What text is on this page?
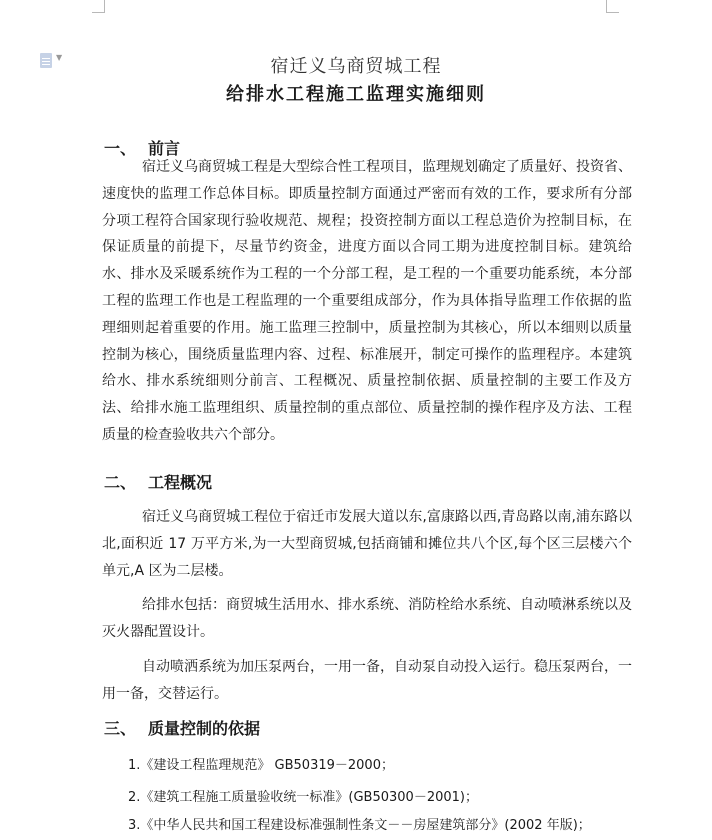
▼	宿迁义乌商贸城工程
给排水工程施工监理实施细则
一、 前言

宿迁义乌商贸城工程是大型综合性工程项目，监理规划确定了质量好、投资省、速度快的监理工作总体目标。即质量控制方面通过严密而有效的工作，要求所有分部分项工程符合国家现行验收规范、规程；投资控制方面以工程总造价为控制目标，在保证质量的前提下，尽量节约资金，进度方面以合同工期为进度控制目标。建筑给水、排水及采暖系统作为工程的一个分部工程，是工程的一个重要功能系统，本分部工程的监理工作也是工程监理的一个重要组成部分，作为具体指导监理工作依据的监理细则起着重要的作用。施工监理三控制中，质量控制为其核心，所以本细则以质量控制为核心，围绕质量监理内容、过程、标准展开，制定可操作的监理程序。本建筑给水、排水系统细则分前言、工程概况、质量控制依据、质量控制的主要工作及方法、给排水施工监理组织、质量控制的重点部位、质量控制的操作程序及方法、工程质量的检查验收共六个部分。

二、 工程概况

宿迁义乌商贸城工程位于宿迁市发展大道以东,富康路以西,青岛路以南,浦东路以北,面积近 17 万平方米,为一大型商贸城,包括商铺和摊位共八个区,每个区三层楼六个单元,A 区为二层楼。

给排水包括：商贸城生活用水、排水系统、消防栓给水系统、自动喷淋系统以及灭火器配置设计。

自动喷洒系统为加压泵两台，一用一备，自动泵自动投入运行。稳压泵两台，一用一备，交替运行。

三、 质量控制的依据
1.《建设工程监理规范》 GB50319－2000；
2.《建筑工程施工质量验收统一标准》(GB50300－2001)；
3.《中华人民共和国工程建设标准强制性条文－－房屋建筑部分》(2002 年版)；
